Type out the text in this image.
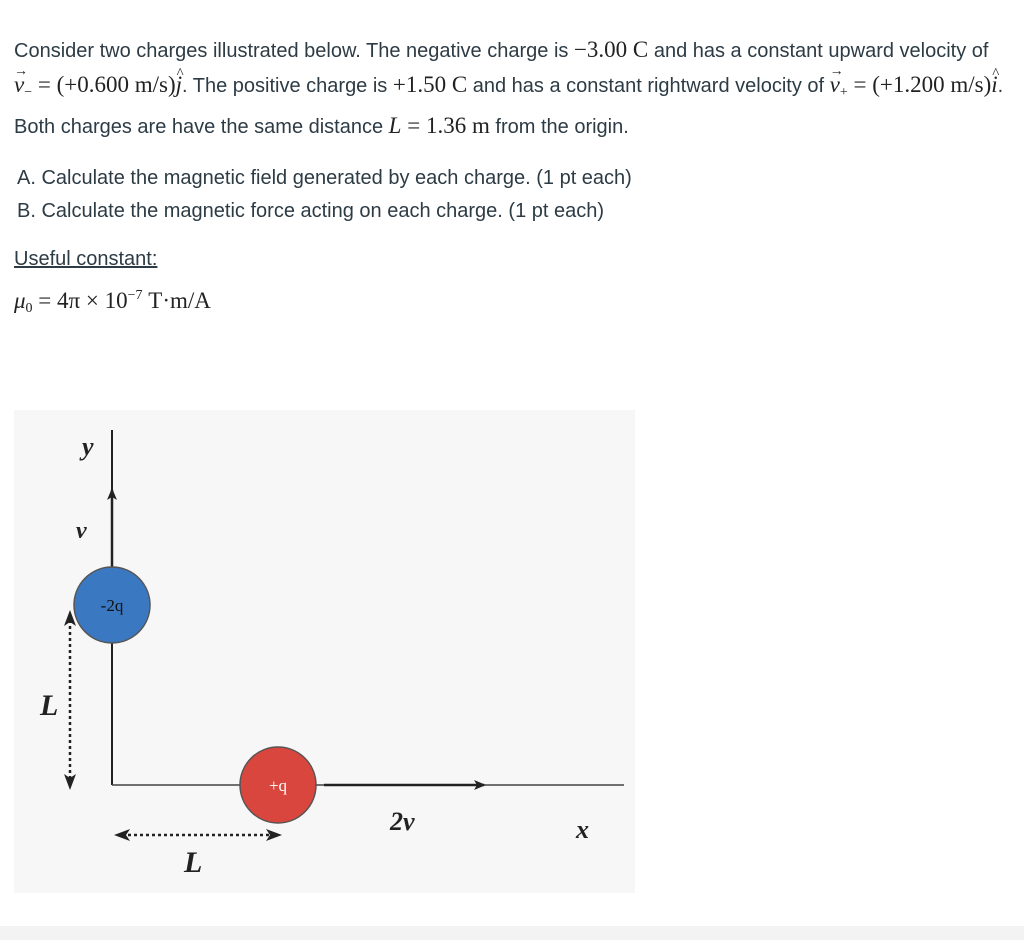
Consider two charges illustrated below. The negative charge is −3.00 C and has a constant upward velocity of → $v_- = (+0.600$ m/s)^ j. The positive charge is +1.50 C and has a constant rightward velocity of → $v_+ = (+1.200$ m/s)^ i. Both charges are have the same distance L = 1.36 m from the origin.

A. Calculate the magnetic field generated by each charge. (1 pt each)
B. Calculate the magnetic force acting on each charge. (1 pt each)
Useful constant:
$\mu_0 = 4\pi \times 10^{-7}$ T·m/A
-2q
+q
L
L
y
v
2v	x
